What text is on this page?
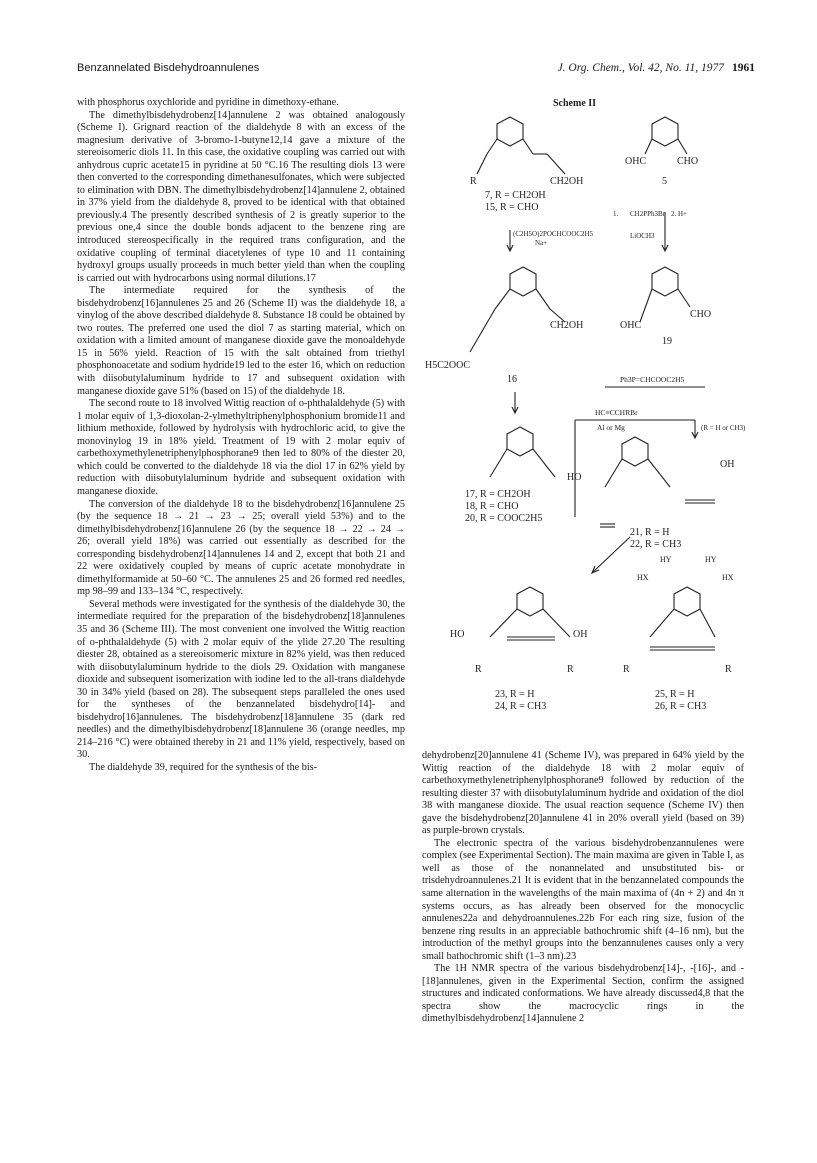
Benzannelated Bisdehydroannulenes	J. Org. Chem., Vol. 42, No. 11, 1977 1961

with phosphorus oxychloride and pyridine in dimethoxy-ethane.

The dimethylbisdehydrobenz[14]annulene 2 was obtained analogously (Scheme I). Grignard reaction of the dialdehyde 8 with an excess of the magnesium derivative of 3-bromo-1-butyne12,14 gave a mixture of the stereoisomeric diols 11. In this case, the oxidative coupling was carried out with anhydrous cupric acetate15 in pyridine at 50 °C.16 The resulting diols 13 were then converted to the corresponding dimethanesulfonates, which were subjected to elimination with DBN. The dimethylbisdehydrobenz[14]annulene 2, obtained in 37% yield from the dialdehyde 8, proved to be identical with that obtained previously.4 The presently described synthesis of 2 is greatly superior to the previous one,4 since the double bonds adjacent to the benzene ring are introduced stereospecifically in the required trans configuration, and the oxidative coupling of terminal diacetylenes of type 10 and 11 containing hydroxyl groups usually proceeds in much better yield than when the coupling is carried out with hydrocarbons using normal dilutions.17

The intermediate required for the synthesis of the bisdehydrobenz[16]annulenes 25 and 26 (Scheme II) was the dialdehyde 18, a vinylog of the above described dialdehyde 8. Substance 18 could be obtained by two routes. The preferred one used the diol 7 as starting material, which on oxidation with a limited amount of manganese dioxide gave the monoaldehyde 15 in 56% yield. Reaction of 15 with the salt obtained from triethyl phosphonoacetate and sodium hydride19 led to the ester 16, which on reduction with diisobutylaluminum hydride to 17 and subsequent oxidation with manganese dioxide gave 51% (based on 15) of the dialdehyde 18.

The second route to 18 involved Wittig reaction of o-phthalaldehyde (5) with 1 molar equiv of 1,3-dioxolan-2-ylmethyltriphenylphosphonium bromide11 and lithium methoxide, followed by hydrolysis with hydrochloric acid, to give the monovinylog 19 in 18% yield. Treatment of 19 with 2 molar equiv of carbethoxymethylenetriphenylphosphorane9 then led to 80% of the diester 20, which could be converted to the dialdehyde 18 via the diol 17 in 62% yield by reduction with diisobutylaluminum hydride and subsequent oxidation with manganese dioxide.

The conversion of the dialdehyde 18 to the bisdehydrobenz[16]annulene 25 (by the sequence 18 → 21 → 23 → 25; overall yield 53%) and to the dimethylbisdehydrobenz[16]annulene 26 (by the sequence 18 → 22 → 24 → 26; overall yield 18%) was carried out essentially as described for the corresponding bisdehydrobenz[14]annulenes 14 and 2, except that both 21 and 22 were oxidatively coupled by means of cupric acetate monohydrate in dimethylformamide at 50–60 °C. The annulenes 25 and 26 formed red needles, mp 98–99 and 133–134 °C, respectively.

Several methods were investigated for the synthesis of the dialdehyde 30, the intermediate required for the preparation of the bisdehydrobenz[18]annulenes 35 and 36 (Scheme III). The most convenient one involved the Wittig reaction of o-phthalaldehyde (5) with 2 molar equiv of the ylide 27.20 The resulting diester 28, obtained as a stereoisomeric mixture in 82% yield, was then reduced with diisobutylaluminum hydride to the diols 29. Oxidation with manganese dioxide and subsequent isomerization with iodine led to the all-trans dialdehyde 30 in 34% yield (based on 28). The subsequent steps paralleled the ones used for the syntheses of the benzannelated bisdehydro[14]- and bisdehydro[16]annulenes. The bisdehydrobenz[18]annulene 35 (dark red needles) and the dimethylbisdehydrobenz[18]annulene 36 (orange needles, mp 214–216 °C) were obtained thereby in 21 and 11% yield, respectively, based on 30.

The dialdehyde 39, required for the synthesis of the bis-

dehydrobenz[20]annulene 41 (Scheme IV), was prepared in 64% yield by the Wittig reaction of the dialdehyde 18 with 2 molar equiv of carbethoxymethylenetriphenylphosphorane9 followed by reduction of the resulting diester 37 with diisobutylaluminum hydride and oxidation of the diol 38 with manganese dioxide. The usual reaction sequence (Scheme IV) then gave the bisdehydrobenz[20]annulene 41 in 20% overall yield (based on 39) as purple-brown crystals.

The electronic spectra of the various bisdehydrobenzannulenes were complex (see Experimental Section). The main maxima are given in Table I, as well as those of the nonannelated and unsubstituted bis- or trisdehydroannulenes.21 It is evident that in the benzannelated compounds the same alternation in the wavelengths of the main maxima of (4n + 2) and 4n π systems occurs, as has already been observed for the monocyclic annulenes22a and dehydroannulenes.22b For each ring size, fusion of the benzene ring results in an appreciable bathochromic shift (4–16 nm), but the introduction of the methyl groups into the benzannulenes causes only a very small bathochromic shift (1–3 nm).23

The 1H NMR spectra of the various bisdehydrobenz[14]-, -[16]-, and -[18]annulenes, given in the Experimental Section, confirm the assigned structures and indicated conformations. We have already discussed4,8 that the spectra show the macrocyclic rings in the dimethylbisdehydrobenz[14]annulene 2

Scheme II
R	CH2OH
7, R = CH2OH
15, R = CHO
OHC	CHO
5
(C2H5O)2POCHCOOC2H5
Na+
1. CH2PPh3Br
LiOCH3
2. H+
CH2OH
H5C2OOC
16
OHC
CHO
19
Ph3P=CHCOOC2H5
HC≡CCHRBr
Al or Mg	(R = H or CH3)
17, R = CH2OH
18, R = CHO
20, R = COOC2H5
HO
OH
21, R = H
22, R = CH3
HO	OH
R	R
23, R = H
24, R = CH3
HY	HY
HX	HX
R	R
25, R = H
26, R = CH3
